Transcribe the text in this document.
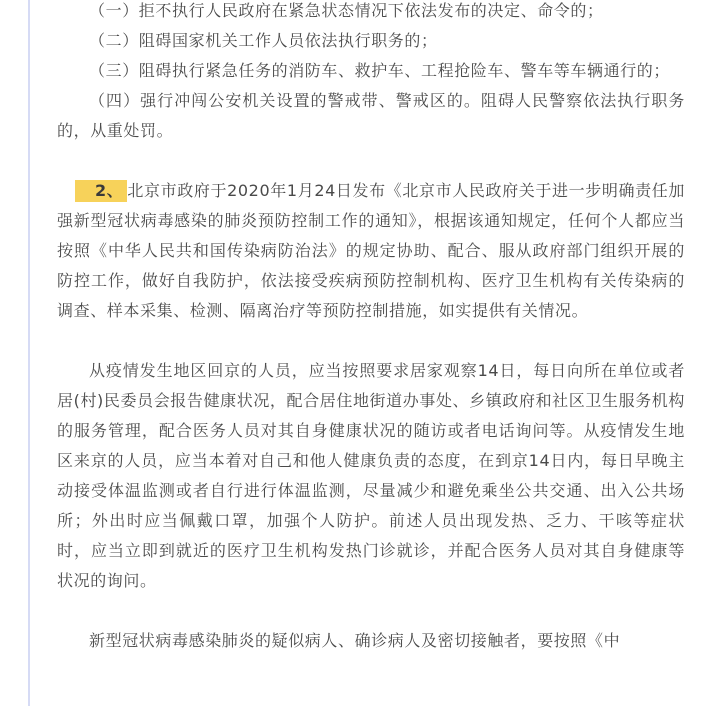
（一）拒不执行人民政府在紧急状态情况下依法发布的决定、命令的；

（二）阻碍国家机关工作人员依法执行职务的；

（三）阻碍执行紧急任务的消防车、救护车、工程抢险车、警车等车辆通行的；

（四）强行冲闯公安机关设置的警戒带、警戒区的。阻碍人民警察依法执行职务的，从重处罚。

2、 北京市政府于2020年1月24日发布《北京市人民政府关于进一步明确责任加强新型冠状病毒感染的肺炎预防控制工作的通知》，根据该通知规定，任何个人都应当按照《中华人民共和国传染病防治法》的规定协助、配合、服从政府部门组织开展的防控工作，做好自我防护，依法接受疾病预防控制机构、医疗卫生机构有关传染病的调查、样本采集、检测、隔离治疗等预防控制措施，如实提供有关情况。

从疫情发生地区回京的人员，应当按照要求居家观察14日，每日向所在单位或者居(村)民委员会报告健康状况，配合居住地街道办事处、乡镇政府和社区卫生服务机构的服务管理，配合医务人员对其自身健康状况的随访或者电话询问等。从疫情发生地区来京的人员，应当本着对自己和他人健康负责的态度，在到京14日内，每日早晚主动接受体温监测或者自行进行体温监测，尽量减少和避免乘坐公共交通、出入公共场所；外出时应当佩戴口罩，加强个人防护。前述人员出现发热、乏力、干咳等症状时，应当立即到就近的医疗卫生机构发热门诊就诊，并配合医务人员对其自身健康等状况的询问。

新型冠状病毒感染肺炎的疑似病人、确诊病人及密切接触者，要按照《中
